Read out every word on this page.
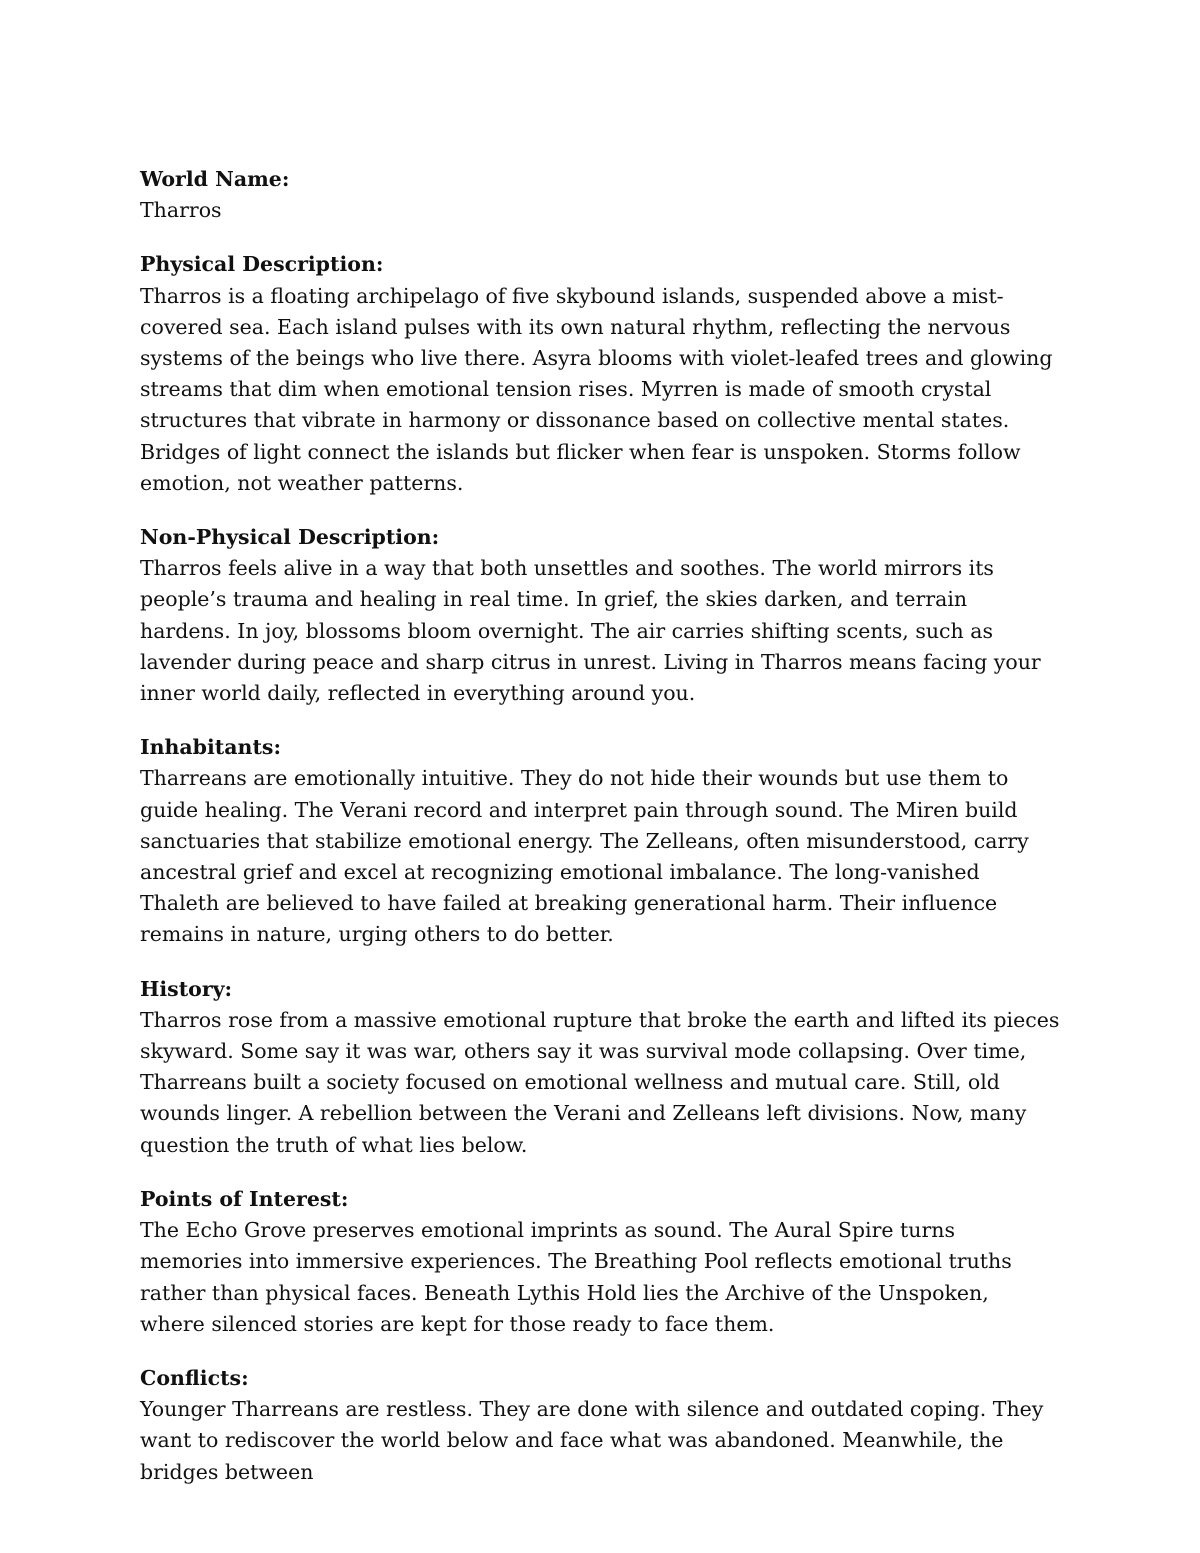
World Name:

Tharros

Physical Description:

Tharros is a floating archipelago of five skybound islands, suspended above a mist-covered sea. Each island pulses with its own natural rhythm, reflecting the nervous systems of the beings who live there. Asyra blooms with violet-leafed trees and glowing streams that dim when emotional tension rises. Myrren is made of smooth crystal structures that vibrate in harmony or dissonance based on collective mental states. Bridges of light connect the islands but flicker when fear is unspoken. Storms follow emotion, not weather patterns.

Non-Physical Description:

Tharros feels alive in a way that both unsettles and soothes. The world mirrors its people’s trauma and healing in real time. In grief, the skies darken, and terrain hardens. In joy, blossoms bloom overnight. The air carries shifting scents, such as lavender during peace and sharp citrus in unrest. Living in Tharros means facing your inner world daily, reflected in everything around you.

Inhabitants:

Tharreans are emotionally intuitive. They do not hide their wounds but use them to guide healing. The Verani record and interpret pain through sound. The Miren build sanctuaries that stabilize emotional energy. The Zelleans, often misunderstood, carry ancestral grief and excel at recognizing emotional imbalance. The long-vanished Thaleth are believed to have failed at breaking generational harm. Their influence remains in nature, urging others to do better.

History:

Tharros rose from a massive emotional rupture that broke the earth and lifted its pieces skyward. Some say it was war, others say it was survival mode collapsing. Over time, Tharreans built a society focused on emotional wellness and mutual care. Still, old wounds linger. A rebellion between the Verani and Zelleans left divisions. Now, many question the truth of what lies below.

Points of Interest:

The Echo Grove preserves emotional imprints as sound. The Aural Spire turns memories into immersive experiences. The Breathing Pool reflects emotional truths rather than physical faces. Beneath Lythis Hold lies the Archive of the Unspoken, where silenced stories are kept for those ready to face them.

Conflicts:

Younger Tharreans are restless. They are done with silence and outdated coping. They want to rediscover the world below and face what was abandoned. Meanwhile, the bridges between
